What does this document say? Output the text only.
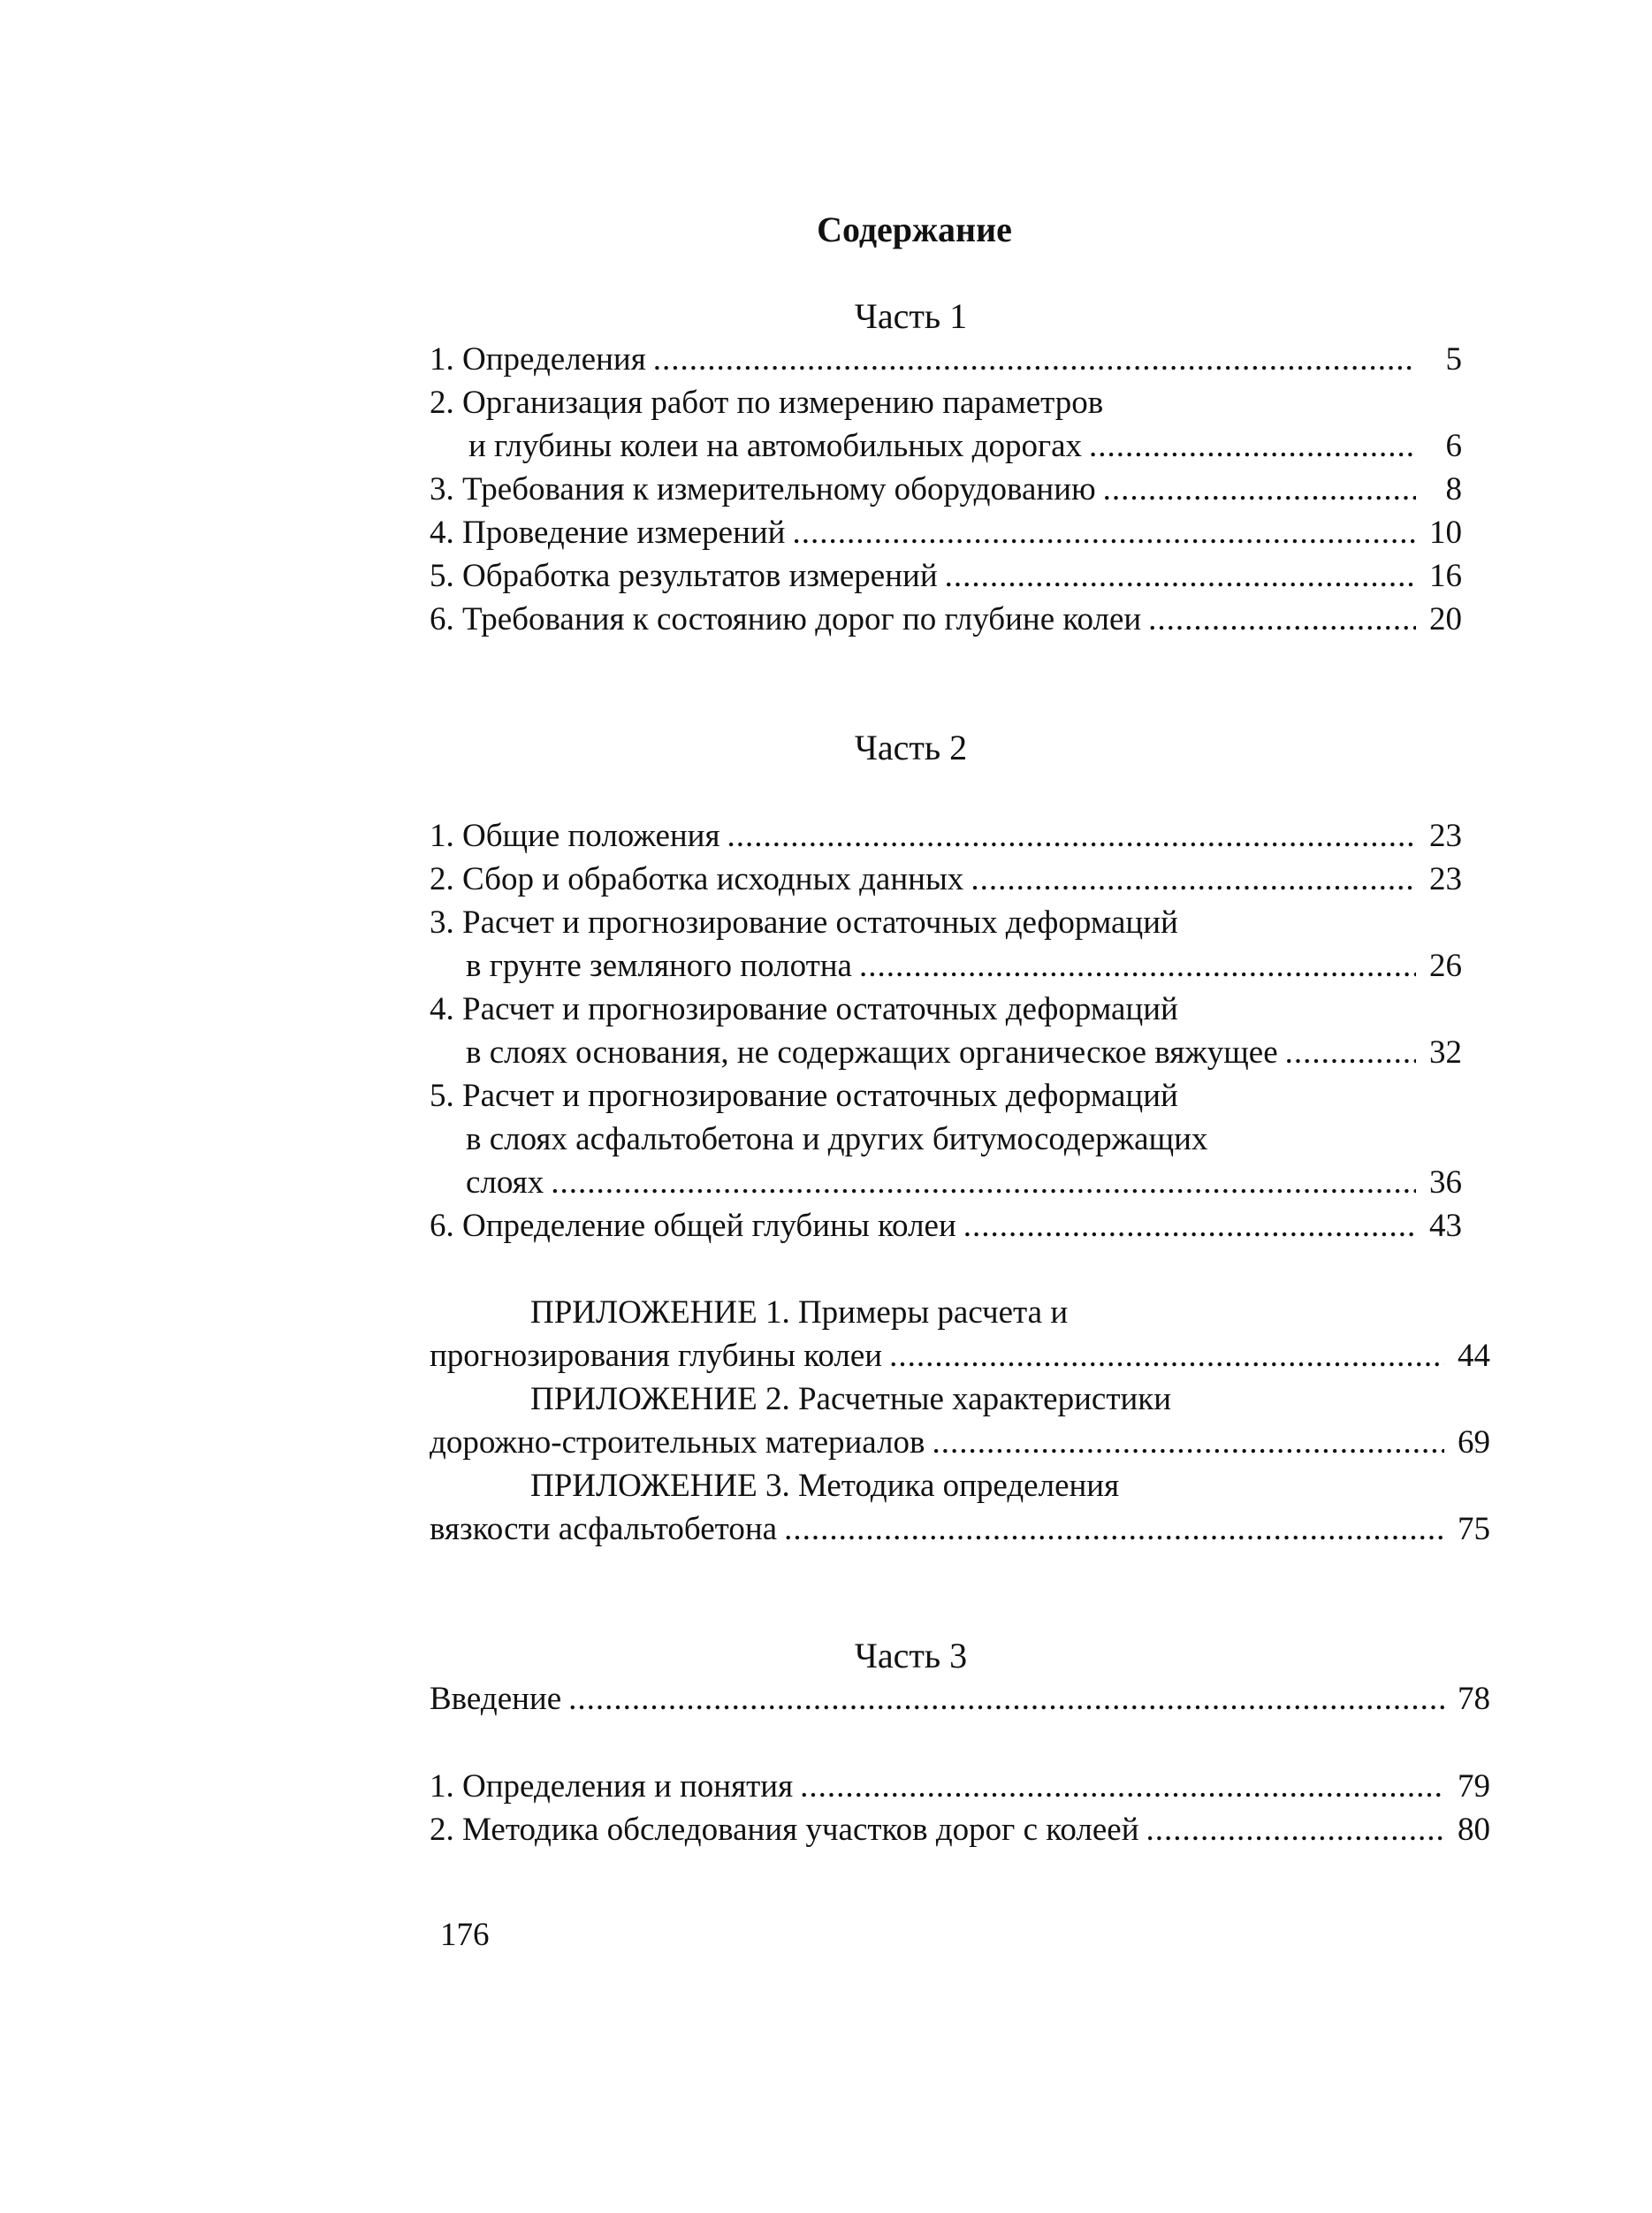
Содержание
Часть 1
1. Определения .....	5
2. Организация работ по измерению параметров
и глубины колеи на автомобильных дорогах .....	6
3. Требования к измерительному оборудованию .....	8
4. Проведение измерений .....	10
5. Обработка результатов измерений .....	16
6. Требования к состоянию дорог по глубине колеи .....	20
Часть 2
1. Общие положения .....	23
2. Сбор и обработка исходных данных .....	23
3. Расчет и прогнозирование остаточных деформаций
в грунте земляного полотна .....	26
4. Расчет и прогнозирование остаточных деформаций
в слоях основания, не содержащих органическое вяжущее .....	32
5. Расчет и прогнозирование остаточных деформаций
в слоях асфальтобетона и других битумосодержащих
слоях .....	36
6. Определение общей глубины колеи .....	43
ПРИЛОЖЕНИЕ 1. Примеры расчета и
прогнозирования глубины колеи .....	44
ПРИЛОЖЕНИЕ 2. Расчетные характеристики
дорожно-строительных материалов .....	69
ПРИЛОЖЕНИЕ 3. Методика определения
вязкости асфальтобетона .....	75
Часть 3
Введение .....	78
1. Определения и понятия .....	79
2. Методика обследования участков дорог с колеей .....	80
176
